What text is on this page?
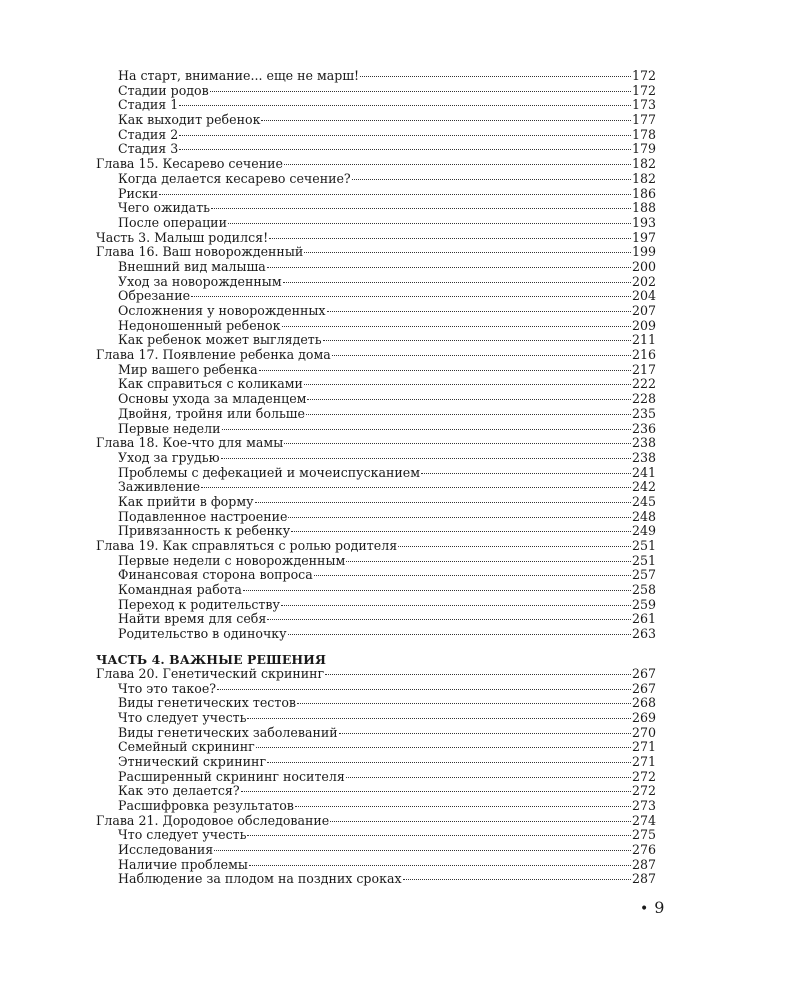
На старт, внимание... еще не марш!	172
Стадии родов	172
Стадия 1	173
Как выходит ребенок	177
Стадия 2	178
Стадия 3	179
Глава 15. Кесарево сечение	182
Когда делается кесарево сечение?	182
Риски	186
Чего ожидать	188
После операции	193
Часть 3. Малыш родился!	197
Глава 16. Ваш новорожденный	199
Внешний вид малыша	200
Уход за новорожденным	202
Обрезание	204
Осложнения у новорожденных	207
Недоношенный ребенок	209
Как ребенок может выглядеть	211
Глава 17. Появление ребенка дома	216
Мир вашего ребенка	217
Как справиться с коликами	222
Основы ухода за младенцем	228
Двойня, тройня или больше	235
Первые недели	236
Глава 18. Кое-что для мамы	238
Уход за грудью	238
Проблемы с дефекацией и мочеиспусканием	241
Заживление	242
Как прийти в форму	245
Подавленное настроение	248
Привязанность к ребенку	249
Глава 19. Как справляться с ролью родителя	251
Первые недели с новорожденным	251
Финансовая сторона вопроса	257
Командная работа	258
Переход к родительству	259
Найти время для себя	261
Родительство в одиночку	263
ЧАСТЬ 4. ВАЖНЫЕ РЕШЕНИЯ
Глава 20. Генетический скрининг	267
Что это такое?	267
Виды генетических тестов	268
Что следует учесть	269
Виды генетических заболеваний	270
Семейный скрининг	271
Этнический скрининг	271
Расширенный скрининг носителя	272
Как это делается?	272
Расшифровка результатов	273
Глава 21. Дородовое обследование	274
Что следует учесть	275
Исследования	276
Наличие проблемы	287
Наблюдение за плодом на поздних сроках	287
• 9
